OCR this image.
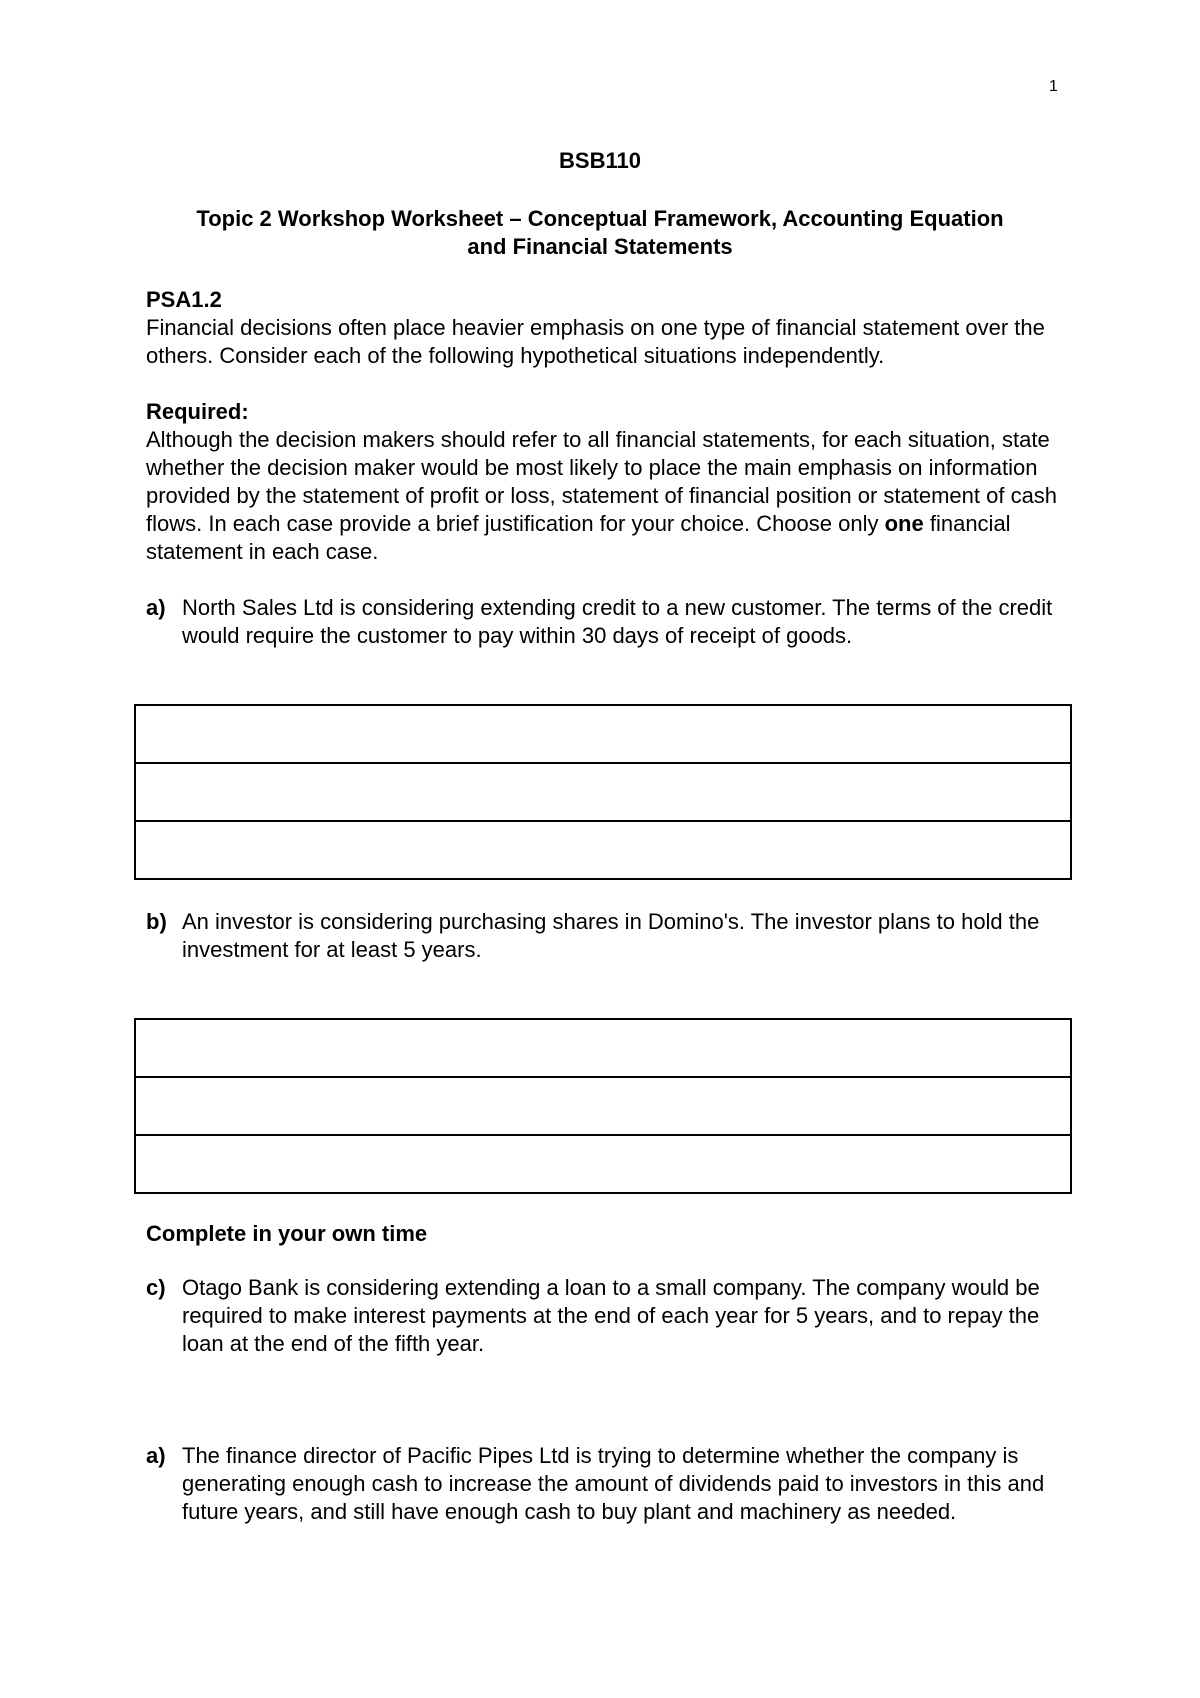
1
BSB110
Topic 2 Workshop Worksheet – Conceptual Framework, Accounting Equation
and Financial Statements
PSA1.2
Financial decisions often place heavier emphasis on one type of financial statement over the others. Consider each of the following hypothetical situations independently.
Required:
Although the decision makers should refer to all financial statements, for each situation, state whether the decision maker would be most likely to place the main emphasis on information provided by the statement of profit or loss, statement of financial position or statement of cash flows. In each case provide a brief justification for your choice. Choose only one financial statement in each case.
a) North Sales Ltd is considering extending credit to a new customer. The terms of the credit would require the customer to pay within 30 days of receipt of goods.
b) An investor is considering purchasing shares in Domino's. The investor plans to hold the investment for at least 5 years.
Complete in your own time
c) Otago Bank is considering extending a loan to a small company. The company would be required to make interest payments at the end of each year for 5 years, and to repay the loan at the end of the fifth year.
a) The finance director of Pacific Pipes Ltd is trying to determine whether the company is generating enough cash to increase the amount of dividends paid to investors in this and future years, and still have enough cash to buy plant and machinery as needed.
